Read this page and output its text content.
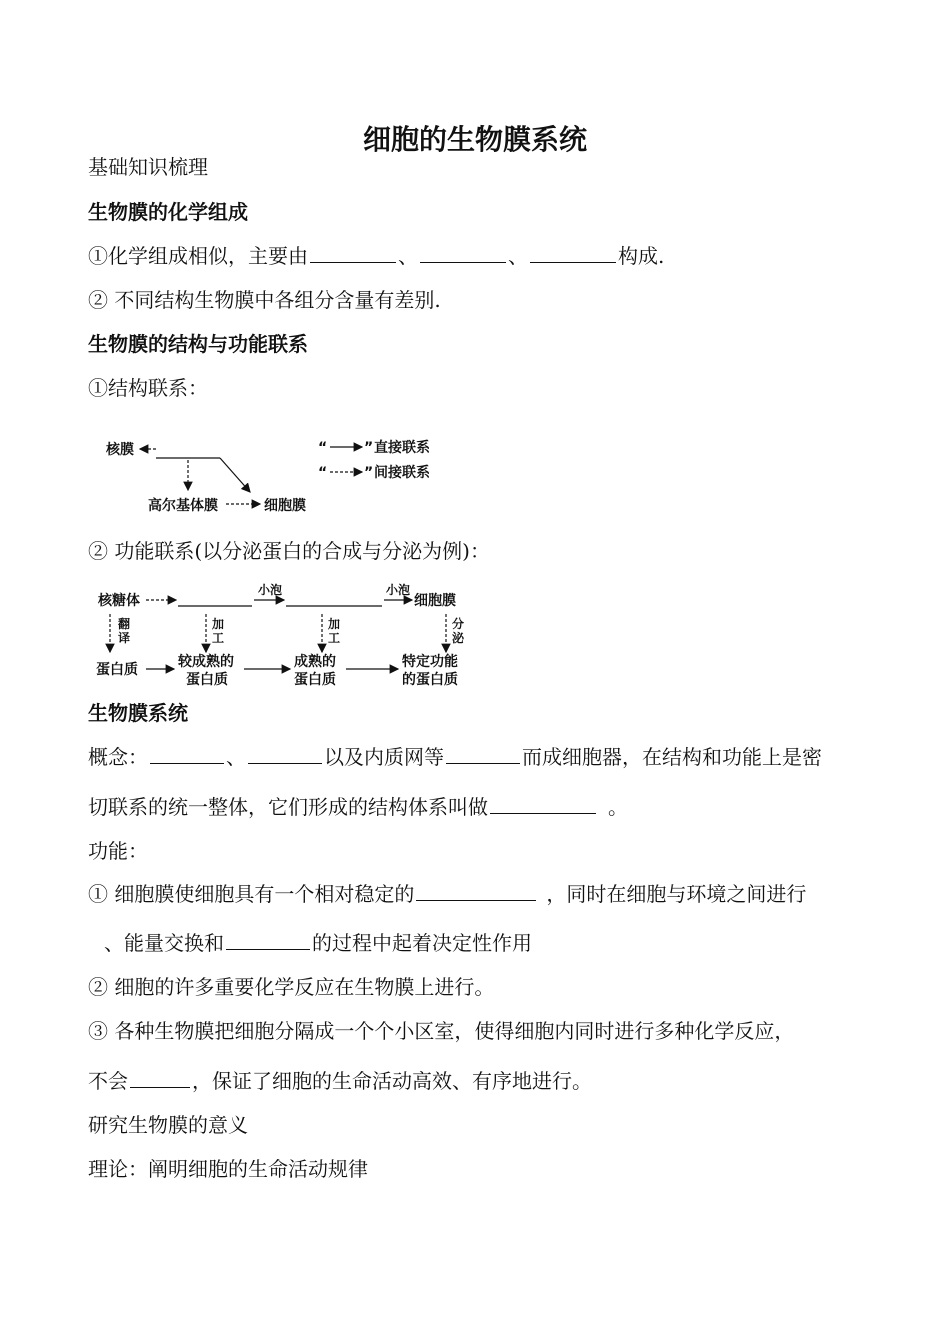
细胞的生物膜系统
基础知识梳理
生物膜的化学组成
①化学组成相似，主要由	、	、	构成.
② 不同结构生物膜中各组分含量有差别.
生物膜的结构与功能联系
①结构联系：
核膜
高尔基体膜	细胞膜
“	” 直接联系
“	” 间接联系
② 功能联系(以分泌蛋白的合成与分泌为例)：
核糖体
小泡	小泡
细胞膜
翻
译
加
工
加
工
分
泌
蛋白质	较成熟的
蛋白质
成熟的
蛋白质
特定功能
的蛋白质
生物膜系统
概念：	、	以及内质网等	而成细胞器，在结构和功能上是密
切联系的统一整体，它们形成的结构体系叫做	。
功能：
① 细胞膜使细胞具有一个相对稳定的	，同时在细胞与环境之间进行
、能量交换和	的过程中起着决定性作用
② 细胞的许多重要化学反应在生物膜上进行。
③ 各种生物膜把细胞分隔成一个个小区室，使得细胞内同时进行多种化学反应，
不会	，保证了细胞的生命活动高效、有序地进行。
研究生物膜的意义
理论：阐明细胞的生命活动规律
